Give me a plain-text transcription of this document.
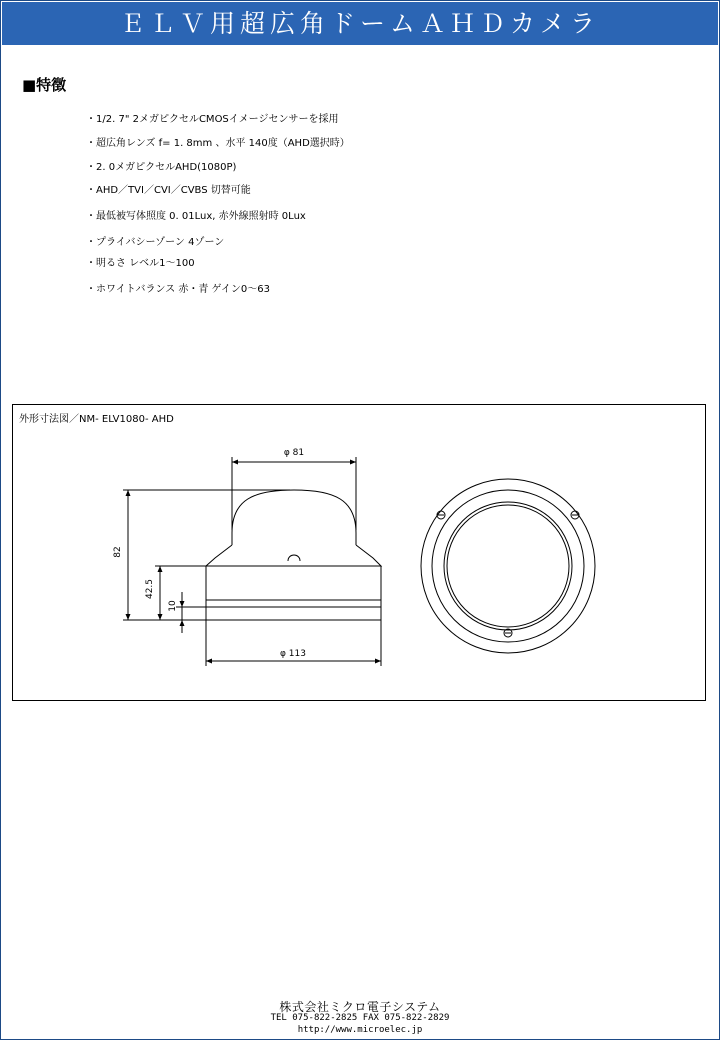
ＥＬＶ用超広角ドームＡＨＤカメラ
■特徴
・1/2. 7" 2メガピクセルCMOSイメージセンサーを採用
・超広角レンズ f= 1. 8mm 、水平 140度（AHD選択時）
・2. 0メガピクセルAHD(1080P)
・AHD／TVI／CVI／CVBS 切替可能
・最低被写体照度 0. 01Lux, 赤外線照射時 0Lux
・プライバシーゾーン 4ゾーン
・明るさ レベル1～100
・ホワイトバランス 赤・青 ゲイン0～63
外形寸法図／NM- ELV1080- AHD
φ 81
φ 113
82
42.5
10
株式会社ミクロ電子システム
TEL 075-822-2825 FAX 075-822-2829
http://www.microelec.jp
